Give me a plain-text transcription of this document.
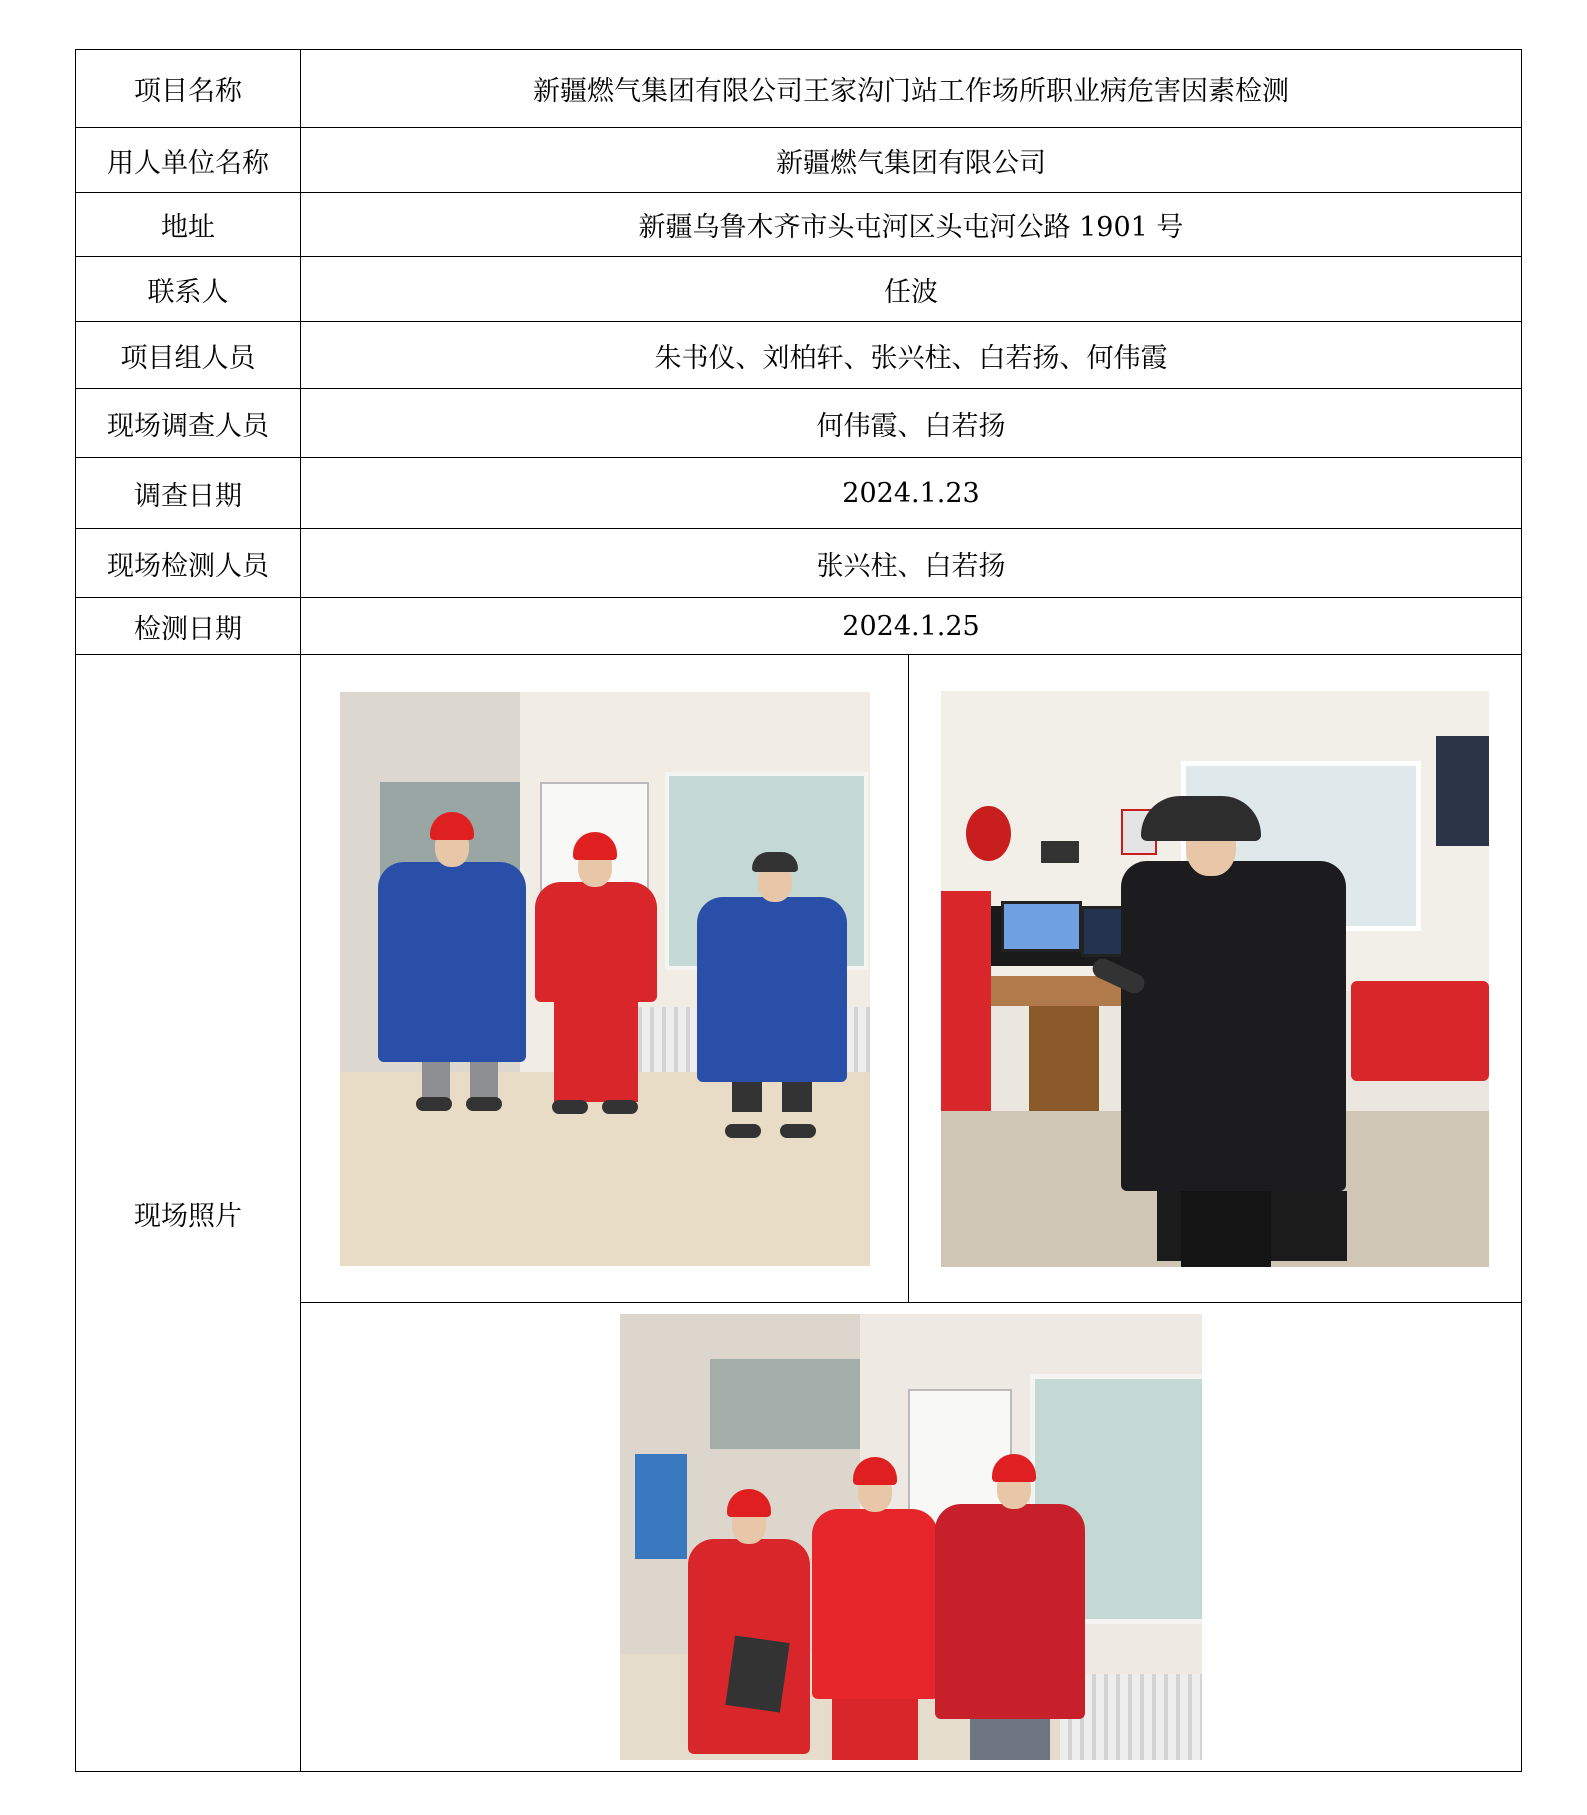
项目名称	新疆燃气集团有限公司王家沟门站工作场所职业病危害因素检测	
用人单位名称	新疆燃气集团有限公司	
地址	新疆乌鲁木齐市头屯河区头屯河公路 1901 号	
联系人	任波	
项目组人员	朱书仪、刘柏轩、张兴柱、白若扬、何伟霞	
现场调查人员	何伟霞、白若扬	
调查日期	2024.1.23	
现场检测人员	张兴柱、白若扬	
检测日期	2024.1.25	
现场照片	
